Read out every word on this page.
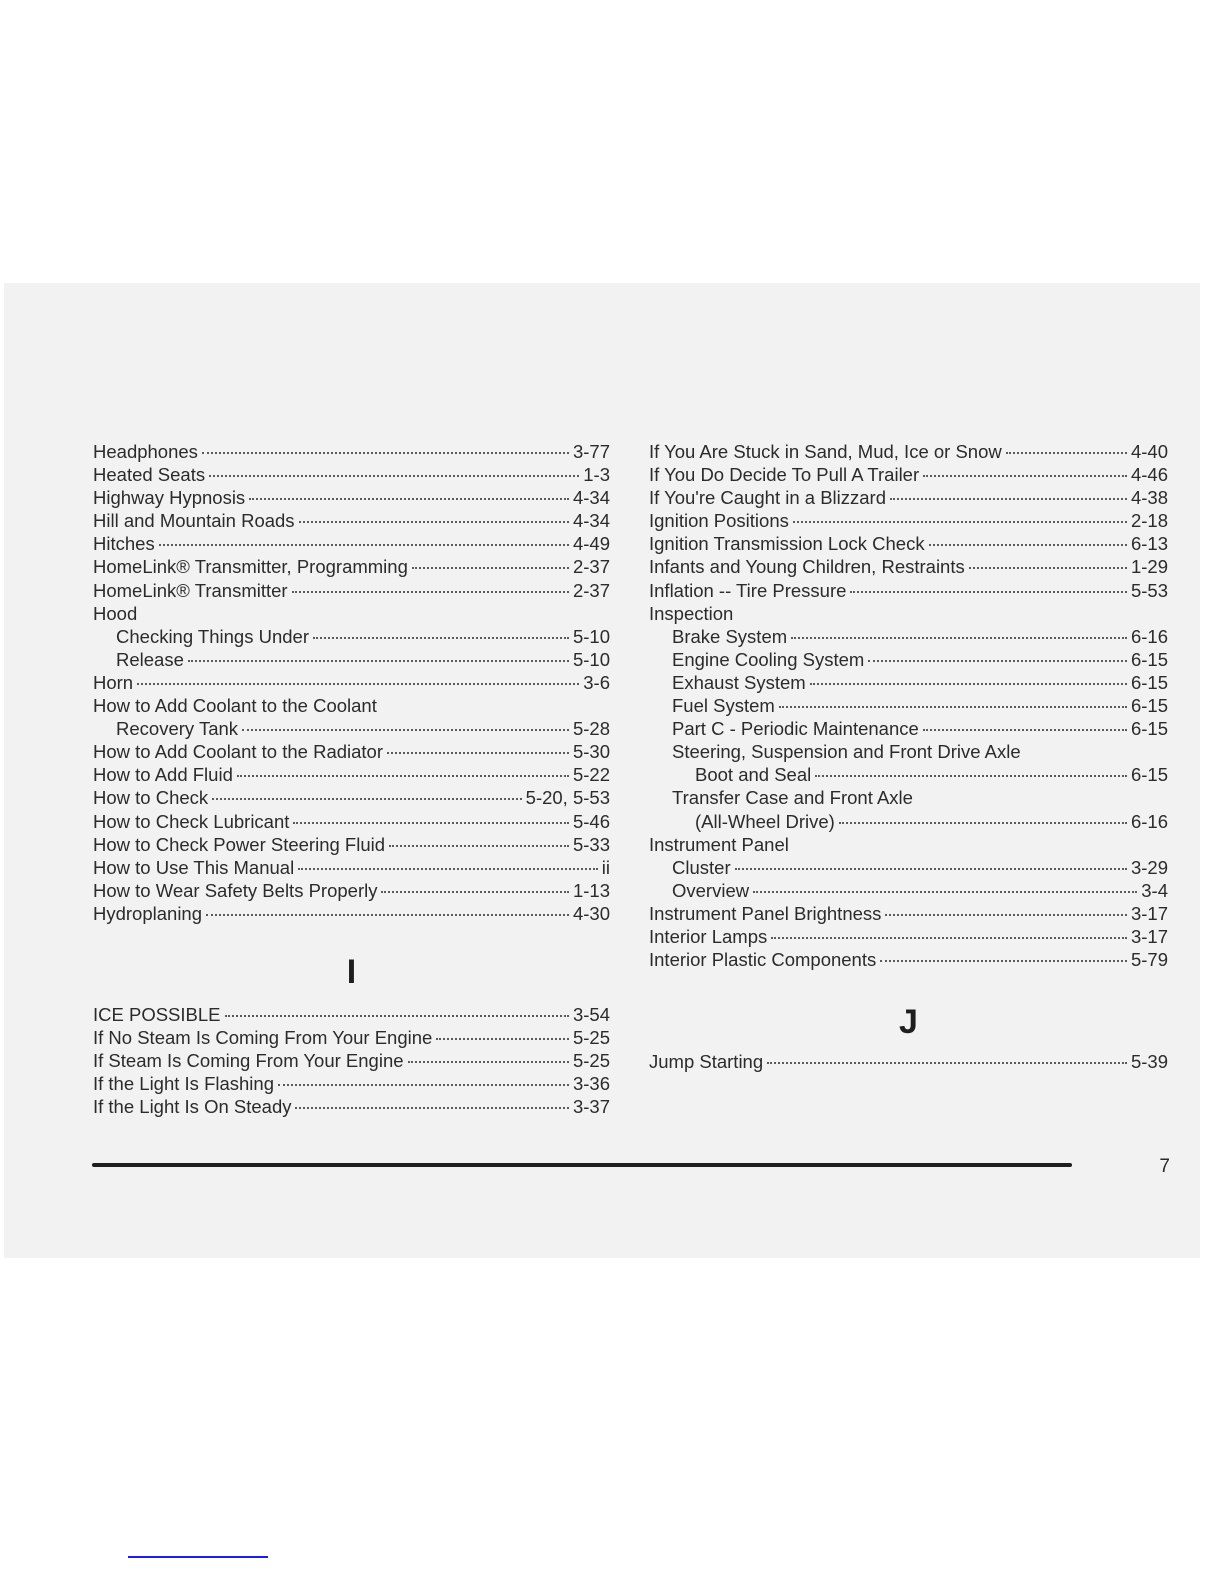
Headphones	3-77
Heated Seats	1-3
Highway Hypnosis	4-34
Hill and Mountain Roads	4-34
Hitches	4-49
HomeLink® Transmitter, Programming	2-37
HomeLink® Transmitter	2-37
Hood
Checking Things Under	5-10
Release	5-10
Horn	3-6
How to Add Coolant to the Coolant
Recovery Tank	5-28
How to Add Coolant to the Radiator	5-30
How to Add Fluid	5-22
How to Check	5-20, 5-53
How to Check Lubricant	5-46
How to Check Power Steering Fluid	5-33
How to Use This Manual	ii
How to Wear Safety Belts Properly	1-13
Hydroplaning	4-30
I
ICE POSSIBLE	3-54
If No Steam Is Coming From Your Engine	5-25
If Steam Is Coming From Your Engine	5-25
If the Light Is Flashing	3-36
If the Light Is On Steady	3-37
If You Are Stuck in Sand, Mud, Ice or Snow	4-40
If You Do Decide To Pull A Trailer	4-46
If You're Caught in a Blizzard	4-38
Ignition Positions	2-18
Ignition Transmission Lock Check	6-13
Infants and Young Children, Restraints	1-29
Inflation -- Tire Pressure	5-53
Inspection
Brake System	6-16
Engine Cooling System	6-15
Exhaust System	6-15
Fuel System	6-15
Part C - Periodic Maintenance	6-15
Steering, Suspension and Front Drive Axle
Boot and Seal	6-15
Transfer Case and Front Axle
(All-Wheel Drive)	6-16
Instrument Panel
Cluster	3-29
Overview	3-4
Instrument Panel Brightness	3-17
Interior Lamps	3-17
Interior Plastic Components	5-79
J
Jump Starting	5-39
7
